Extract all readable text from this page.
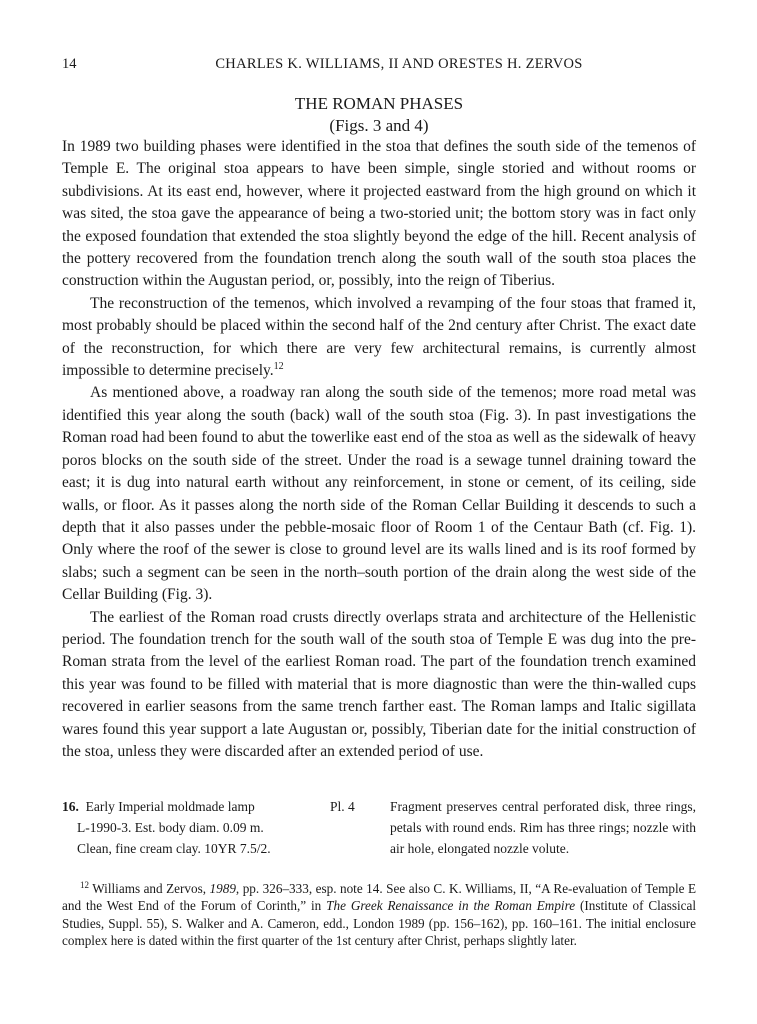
14	CHARLES K. WILLIAMS, II AND ORESTES H. ZERVOS
THE ROMAN PHASES
(Figs. 3 and 4)

In 1989 two building phases were identified in the stoa that defines the south side of the temenos of Temple E. The original stoa appears to have been simple, single storied and without rooms or subdivisions. At its east end, however, where it projected eastward from the high ground on which it was sited, the stoa gave the appearance of being a two-storied unit; the bottom story was in fact only the exposed foundation that extended the stoa slightly beyond the edge of the hill. Recent analysis of the pottery recovered from the foundation trench along the south wall of the south stoa places the construction within the Augustan period, or, possibly, into the reign of Tiberius.

The reconstruction of the temenos, which involved a revamping of the four stoas that framed it, most probably should be placed within the second half of the 2nd century after Christ. The exact date of the reconstruction, for which there are very few architectural remains, is currently almost impossible to determine precisely.$^{12}$

As mentioned above, a roadway ran along the south side of the temenos; more road metal was identified this year along the south (back) wall of the south stoa (Fig. 3). In past investigations the Roman road had been found to abut the towerlike east end of the stoa as well as the sidewalk of heavy poros blocks on the south side of the street. Under the road is a sewage tunnel draining toward the east; it is dug into natural earth without any reinforcement, in stone or cement, of its ceiling, side walls, or floor. As it passes along the north side of the Roman Cellar Building it descends to such a depth that it also passes under the pebble-mosaic floor of Room 1 of the Centaur Bath (cf. Fig. 1). Only where the roof of the sewer is close to ground level are its walls lined and is its roof formed by slabs; such a segment can be seen in the north–south portion of the drain along the west side of the Cellar Building (Fig. 3).

The earliest of the Roman road crusts directly overlaps strata and architecture of the Hellenistic period. The foundation trench for the south wall of the south stoa of Temple E was dug into the pre-Roman strata from the level of the earliest Roman road. The part of the foundation trench examined this year was found to be filled with material that is more diagnostic than were the thin-walled cups recovered in earlier seasons from the same trench farther east. The Roman lamps and Italic sigillata wares found this year support a late Augustan or, possibly, Tiberian date for the initial construction of the stoa, unless they were discarded after an extended period of use.

16. Early Imperial moldmade lamp
L-1990-3. Est. body diam. 0.09 m.
Clean, fine cream clay. 10YR 7.5/2.
Pl. 4	Fragment preserves central perforated disk, three rings, petals with round ends. Rim has three rings; nozzle with air hole, elongated nozzle volute.
$^{12}$ Williams and Zervos, 1989, pp. 326–333, esp. note 14. See also C. K. Williams, II, “A Re-evaluation of Temple E and the West End of the Forum of Corinth,” in The Greek Renaissance in the Roman Empire (Institute of Classical Studies, Suppl. 55), S. Walker and A. Cameron, edd., London 1989 (pp. 156–162), pp. 160–161. The initial enclosure complex here is dated within the first quarter of the 1st century after Christ, perhaps slightly later.
